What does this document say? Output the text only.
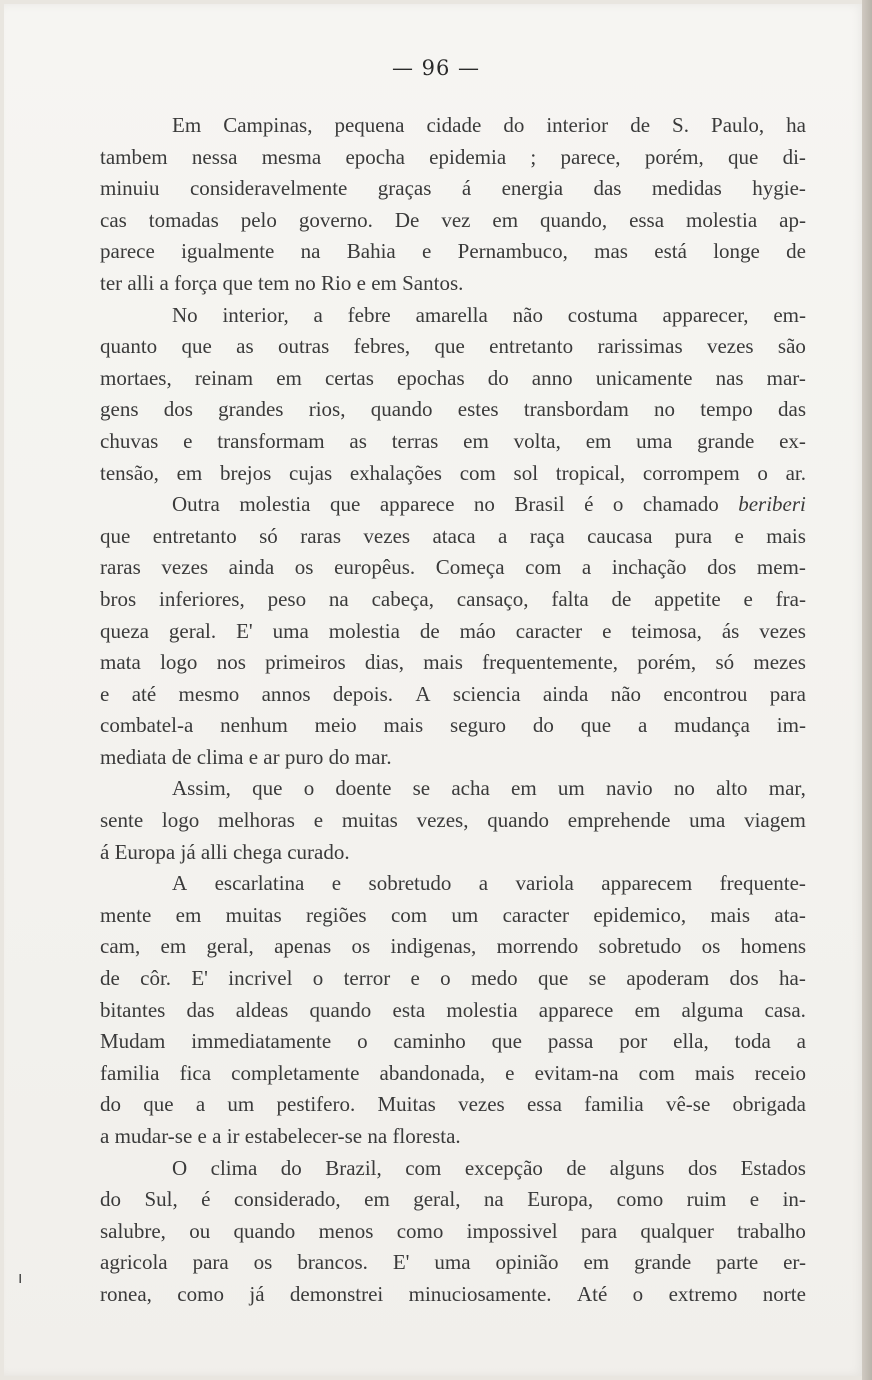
— 96 —
ı
Em Campinas, pequena cidade do interior de S. Paulo, ha
tambem nessa mesma epocha epidemia ; parece, porém, que di-
minuiu consideravelmente graças á energia das medidas hygie-
cas tomadas pelo governo. De vez em quando, essa molestia ap-
parece igualmente na Bahia e Pernambuco, mas está longe de
ter
alli
a
força
que
tem
no
Rio
e
em
Santos.
No interior, a febre amarella não costuma apparecer, em-
quanto que as outras febres, que entretanto rarissimas vezes são
mortaes, reinam em certas epochas do anno unicamente nas mar-
gens dos grandes rios, quando estes transbordam no tempo das
chuvas e transformam as terras em volta, em uma grande ex-
tensão, em brejos cujas exhalações com sol tropical, corrompem o ar.
Outra molestia que apparece no Brasil é o chamado beriberi
que entretanto só raras vezes ataca a raça caucasa pura e mais
raras vezes ainda os europêus. Começa com a inchação dos mem-
bros inferiores, peso na cabeça, cansaço, falta de appetite e fra-
queza geral. E' uma molestia de máo caracter e teimosa, ás vezes
mata logo nos primeiros dias, mais frequentemente, porém, só mezes
e até mesmo annos depois. A sciencia ainda não encontrou para
combatel-a nenhum meio mais seguro do que a mudança im-
mediata
de
clima
e
ar
puro
do
mar.
Assim, que o doente se acha em um navio no alto mar,
sente logo melhoras e muitas vezes, quando emprehende uma viagem
á
Europa
já
alli
chega
curado.
A escarlatina e sobretudo a variola apparecem frequente-
mente em muitas regiões com um caracter epidemico, mais ata-
cam, em geral, apenas os indigenas, morrendo sobretudo os homens
de côr. E' incrivel o terror e o medo que se apoderam dos ha-
bitantes das aldeas quando esta molestia apparece em alguma casa.
Mudam immediatamente o caminho que passa por ella, toda a
familia fica completamente abandonada, e evitam-na com mais receio
do que a um pestifero. Muitas vezes essa familia vê-se obrigada
a
mudar-se
e
a
ir
estabelecer-se
na
floresta.
O clima do Brazil, com excepção de alguns dos Estados
do Sul, é considerado, em geral, na Europa, como ruim e in-
salubre, ou quando menos como impossivel para qualquer trabalho
agricola para os brancos. E' uma opinião em grande parte er-
ronea, como já demonstrei minuciosamente. Até o extremo norte
